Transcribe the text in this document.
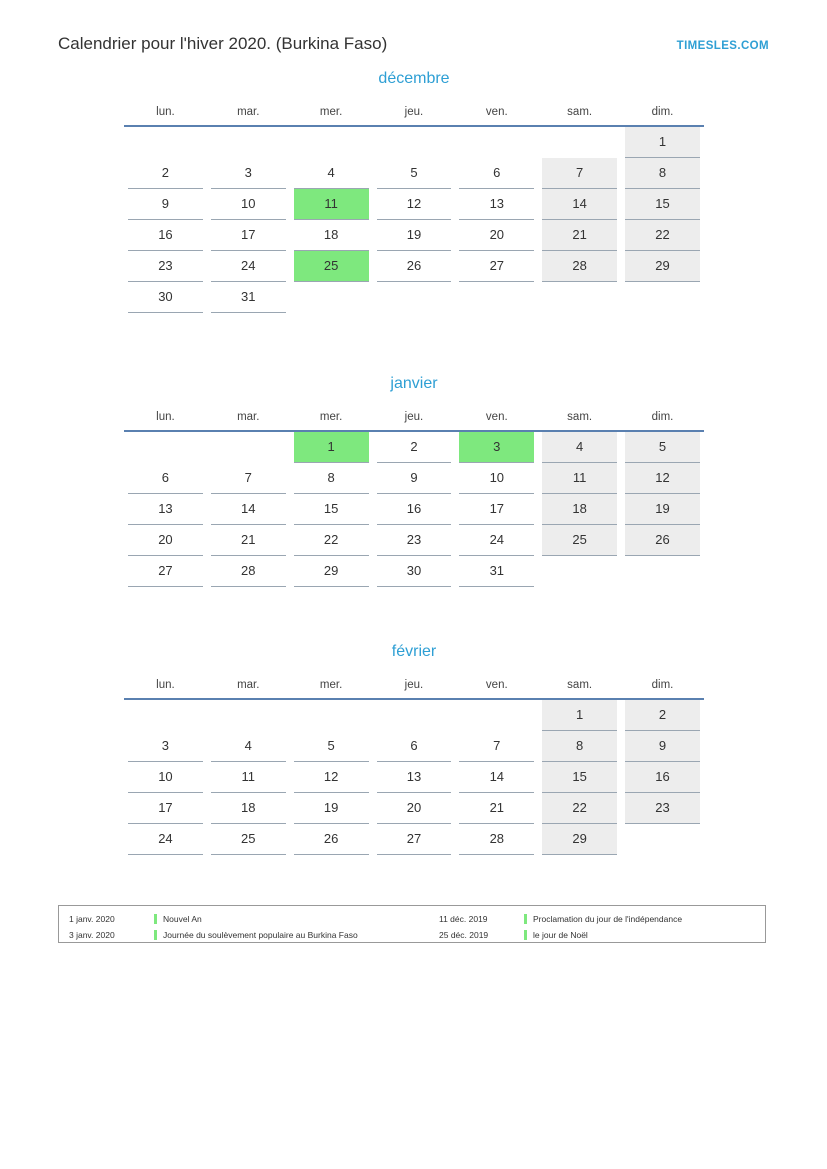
Calendrier pour l'hiver 2020. (Burkina Faso)	TIMESLES.COM
décembre
lun.	mar.	mer.	jeu.	ven.	sam.	dim.

						1

2	3	4	5	6	7	8

9	10	11	12	13	14	15

16	17	18	19	20	21	22

23	24	25	26	27	28	29

30	31					

janvier
lun.	mar.	mer.	jeu.	ven.	sam.	dim.

		1	2	3	4	5

6	7	8	9	10	11	12

13	14	15	16	17	18	19

20	21	22	23	24	25	26

27	28	29	30	31		

février
lun.	mar.	mer.	jeu.	ven.	sam.	dim.

					1	2

3	4	5	6	7	8	9

10	11	12	13	14	15	16

17	18	19	20	21	22	23

24	25	26	27	28	29	

1 janv. 2020	Nouvel An	11 déc. 2019	Proclamation du jour de l'indépendance
3 janv. 2020	Journée du soulèvement populaire au Burkina Faso	25 déc. 2019	le jour de Noël
